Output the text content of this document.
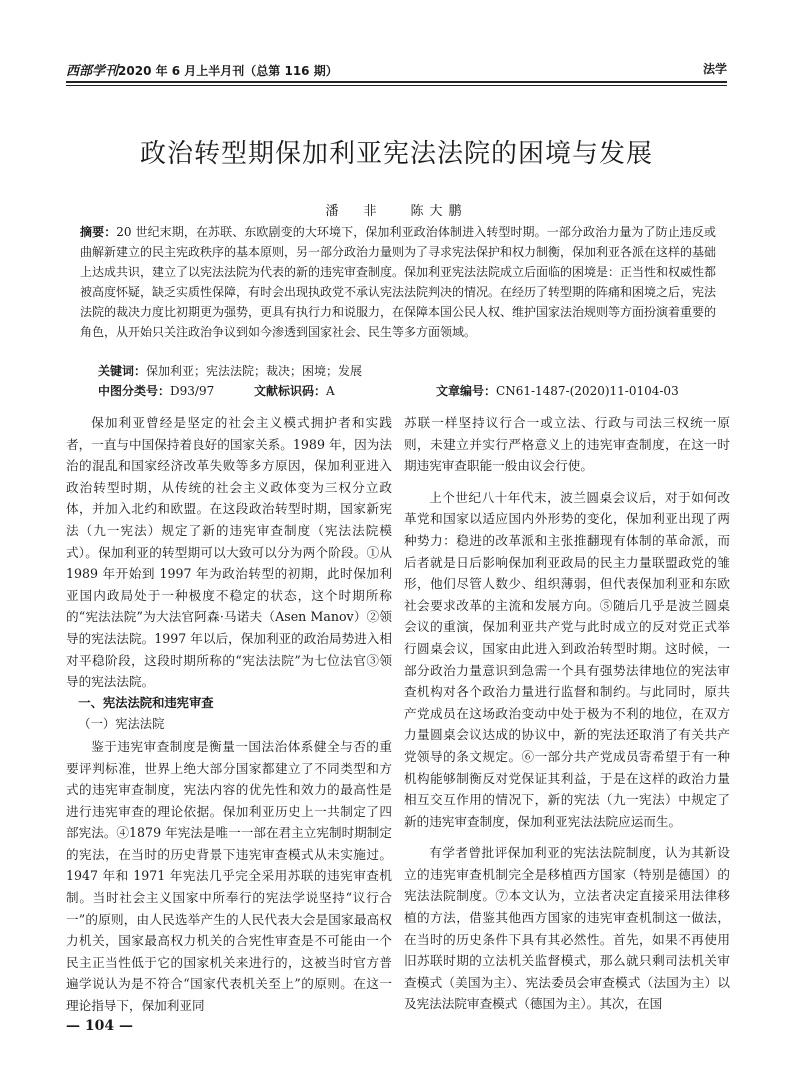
西部学刊2020 年 6 月上半月刊（总第 116 期）	法学
政治转型期保加利亚宪法法院的困境与发展
潘　非 陈大鹏
摘要：20 世纪末期，在苏联、东欧剧变的大环境下，保加利亚政治体制进入转型时期。一部分政治力量为了防止违反或曲解新建立的民主宪政秩序的基本原则，另一部分政治力量则为了寻求宪法保护和权力制衡，保加利亚各派在这样的基础上达成共识，建立了以宪法法院为代表的新的违宪审查制度。保加利亚宪法法院成立后面临的困境是：正当性和权威性都被高度怀疑，缺乏实质性保障，有时会出现执政党不承认宪法法院判决的情况。在经历了转型期的阵痛和困境之后，宪法法院的裁决力度比初期更为强势，更具有执行力和说服力，在保障本国公民人权、维护国家法治规则等方面扮演着重要的角色，从开始只关注政治争议到如今渗透到国家社会、民生等多方面领域。
关键词：保加利亚；宪法法院；裁决；困境；发展
中图分类号：D93/97	文献标识码：A	文章编号：CN61-1487-(2020)11-0104-03

保加利亚曾经是坚定的社会主义模式拥护者和实践者，一直与中国保持着良好的国家关系。1989 年，因为法治的混乱和国家经济改革失败等多方原因，保加利亚进入政治转型时期，从传统的社会主义政体变为三权分立政体，并加入北约和欧盟。在这段政治转型时期，国家新宪法（九一宪法）规定了新的违宪审查制度（宪法法院模式）。保加利亚的转型期可以大致可以分为两个阶段。①从 1989 年开始到 1997 年为政治转型的初期，此时保加利亚国内政局处于一种极度不稳定的状态，这个时期所称的“宪法法院”为大法官阿森·马诺夫（Asen Manov）②领导的宪法法院。1997 年以后，保加利亚的政治局势进入相对平稳阶段，这段时期所称的“宪法法院”为七位法官③领导的宪法法院。

一、宪法法院和违宪审查

（一）宪法法院

鉴于违宪审查制度是衡量一国法治体系健全与否的重要评判标准，世界上绝大部分国家都建立了不同类型和方式的违宪审查制度，宪法内容的优先性和效力的最高性是进行违宪审查的理论依据。保加利亚历史上一共制定了四部宪法。④1879 年宪法是唯一一部在君主立宪制时期制定的宪法，在当时的历史背景下违宪审查模式从未实施过。1947 年和 1971 年宪法几乎完全采用苏联的违宪审查机制。当时社会主义国家中所奉行的宪法学说坚持“议行合一”的原则，由人民选举产生的人民代表大会是国家最高权力机关，国家最高权力机关的合宪性审查是不可能由一个民主正当性低于它的国家机关来进行的，这被当时官方普遍学说认为是不符合“国家代表机关至上”的原则。在这一理论指导下，保加利亚同

苏联一样坚持议行合一或立法、行政与司法三权统一原则，未建立并实行严格意义上的违宪审查制度，在这一时期违宪审查职能一般由议会行使。

上个世纪八十年代末，波兰圆桌会议后，对于如何改革党和国家以适应国内外形势的变化，保加利亚出现了两种势力：稳进的改革派和主张推翻现有体制的革命派，而后者就是日后影响保加利亚政局的民主力量联盟政党的雏形，他们尽管人数少、组织薄弱，但代表保加利亚和东欧社会要求改革的主流和发展方向。⑤随后几乎是波兰圆桌会议的重演，保加利亚共产党与此时成立的反对党正式举行圆桌会议，国家由此进入到政治转型时期。这时候，一部分政治力量意识到急需一个具有强势法律地位的宪法审查机构对各个政治力量进行监督和制约。与此同时，原共产党成员在这场政治变动中处于极为不利的地位，在双方力量圆桌会议达成的协议中，新的宪法还取消了有关共产党领导的条文规定。⑥一部分共产党成员寄希望于有一种机构能够制衡反对党保证其利益，于是在这样的政治力量相互交互作用的情况下，新的宪法（九一宪法）中规定了新的违宪审查制度，保加利亚宪法法院应运而生。

有学者曾批评保加利亚的宪法法院制度，认为其新设立的违宪审查机制完全是移植西方国家（特别是德国）的宪法法院制度。⑦本文认为，立法者决定直接采用法律移植的方法，借鉴其他西方国家的违宪审查机制这一做法，在当时的历史条件下具有其必然性。首先，如果不再使用旧苏联时期的立法机关监督模式，那么就只剩司法机关审查模式（美国为主）、宪法委员会审查模式（法国为主）以及宪法法院审查模式（德国为主）。其次，在国

— 104 —
